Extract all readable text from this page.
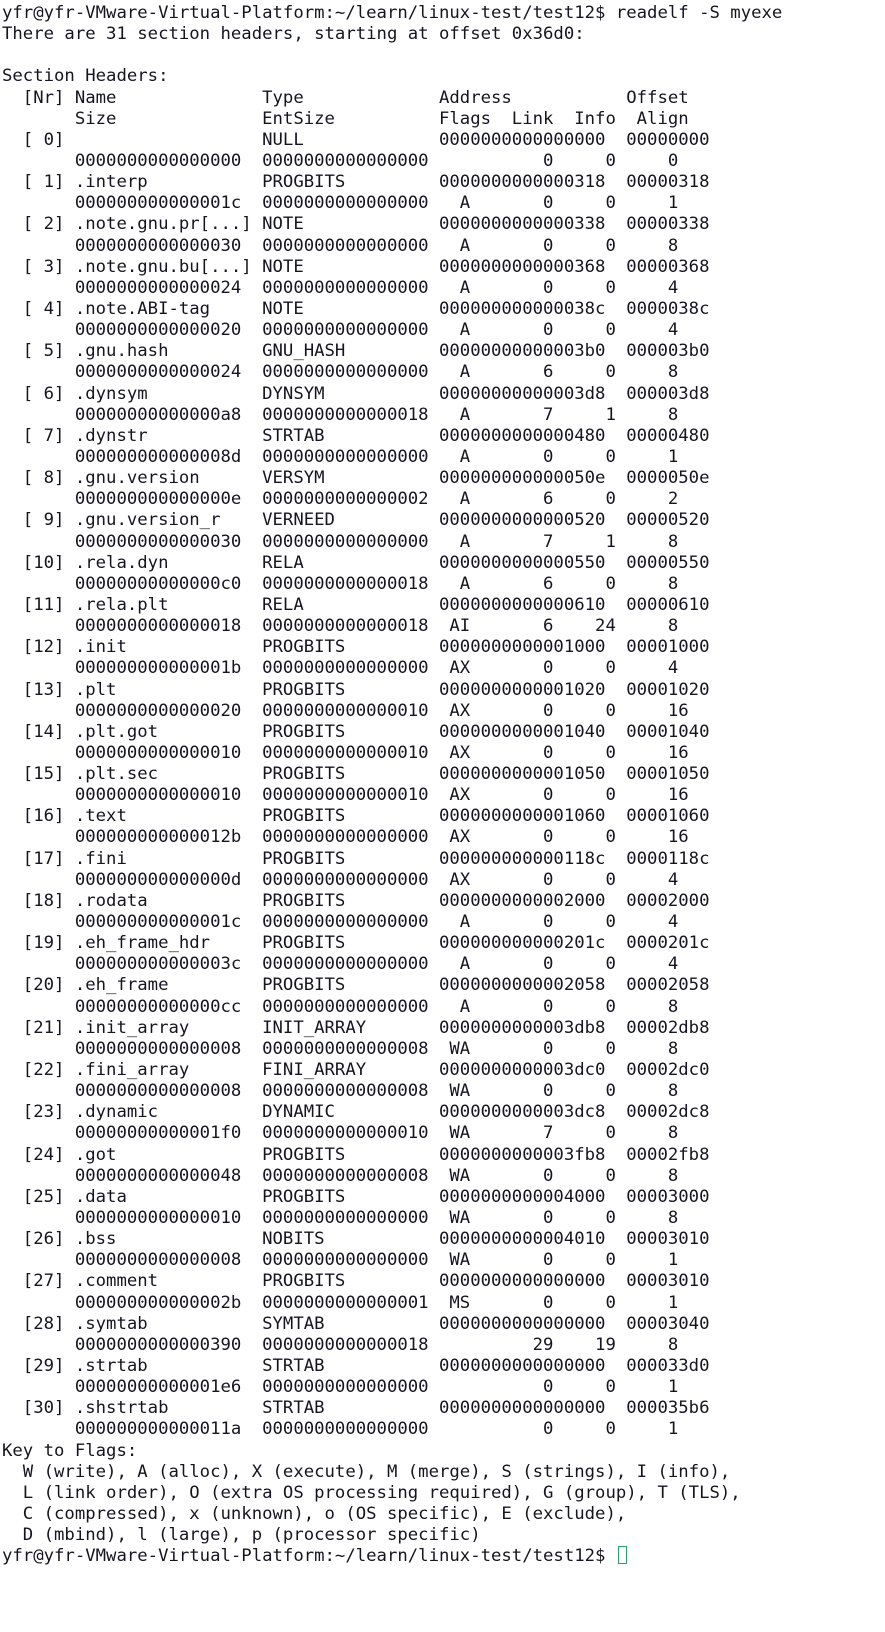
yfr@yfr-VMware-Virtual-Platform:~/learn/linux-test/test12$ readelf -S myexe
There are 31 section headers, starting at offset 0x36d0:
Section Headers:
[Nr] Name              Type             Address           Offset
Size              EntSize          Flags  Link  Info  Align
[ 0]                   NULL             0000000000000000  00000000
0000000000000000  0000000000000000           0     0     0
[ 1] .interp           PROGBITS         0000000000000318  00000318
000000000000001c  0000000000000000   A       0     0     1
[ 2] .note.gnu.pr[...] NOTE             0000000000000338  00000338
0000000000000030  0000000000000000   A       0     0     8
[ 3] .note.gnu.bu[...] NOTE             0000000000000368  00000368
0000000000000024  0000000000000000   A       0     0     4
[ 4] .note.ABI-tag     NOTE             000000000000038c  0000038c
0000000000000020  0000000000000000   A       0     0     4
[ 5] .gnu.hash         GNU_HASH         00000000000003b0  000003b0
0000000000000024  0000000000000000   A       6     0     8
[ 6] .dynsym           DYNSYM           00000000000003d8  000003d8
00000000000000a8  0000000000000018   A       7     1     8
[ 7] .dynstr           STRTAB           0000000000000480  00000480
000000000000008d  0000000000000000   A       0     0     1
[ 8] .gnu.version      VERSYM           000000000000050e  0000050e
000000000000000e  0000000000000002   A       6     0     2
[ 9] .gnu.version_r    VERNEED          0000000000000520  00000520
0000000000000030  0000000000000000   A       7     1     8
[10] .rela.dyn         RELA             0000000000000550  00000550
00000000000000c0  0000000000000018   A       6     0     8
[11] .rela.plt         RELA             0000000000000610  00000610
0000000000000018  0000000000000018  AI       6    24     8
[12] .init             PROGBITS         0000000000001000  00001000
000000000000001b  0000000000000000  AX       0     0     4
[13] .plt              PROGBITS         0000000000001020  00001020
0000000000000020  0000000000000010  AX       0     0     16
[14] .plt.got          PROGBITS         0000000000001040  00001040
0000000000000010  0000000000000010  AX       0     0     16
[15] .plt.sec          PROGBITS         0000000000001050  00001050
0000000000000010  0000000000000010  AX       0     0     16
[16] .text             PROGBITS         0000000000001060  00001060
000000000000012b  0000000000000000  AX       0     0     16
[17] .fini             PROGBITS         000000000000118c  0000118c
000000000000000d  0000000000000000  AX       0     0     4
[18] .rodata           PROGBITS         0000000000002000  00002000
000000000000001c  0000000000000000   A       0     0     4
[19] .eh_frame_hdr     PROGBITS         000000000000201c  0000201c
000000000000003c  0000000000000000   A       0     0     4
[20] .eh_frame         PROGBITS         0000000000002058  00002058
00000000000000cc  0000000000000000   A       0     0     8
[21] .init_array       INIT_ARRAY       0000000000003db8  00002db8
0000000000000008  0000000000000008  WA       0     0     8
[22] .fini_array       FINI_ARRAY       0000000000003dc0  00002dc0
0000000000000008  0000000000000008  WA       0     0     8
[23] .dynamic          DYNAMIC          0000000000003dc8  00002dc8
00000000000001f0  0000000000000010  WA       7     0     8
[24] .got              PROGBITS         0000000000003fb8  00002fb8
0000000000000048  0000000000000008  WA       0     0     8
[25] .data             PROGBITS         0000000000004000  00003000
0000000000000010  0000000000000000  WA       0     0     8
[26] .bss              NOBITS           0000000000004010  00003010
0000000000000008  0000000000000000  WA       0     0     1
[27] .comment          PROGBITS         0000000000000000  00003010
000000000000002b  0000000000000001  MS       0     0     1
[28] .symtab           SYMTAB           0000000000000000  00003040
0000000000000390  0000000000000018          29    19     8
[29] .strtab           STRTAB           0000000000000000  000033d0
00000000000001e6  0000000000000000           0     0     1
[30] .shstrtab         STRTAB           0000000000000000  000035b6
000000000000011a  0000000000000000           0     0     1
Key to Flags:
W (write), A (alloc), X (execute), M (merge), S (strings), I (info),
L (link order), O (extra OS processing required), G (group), T (TLS),
C (compressed), x (unknown), o (OS specific), E (exclude),
D (mbind), l (large), p (processor specific)
yfr@yfr-VMware-Virtual-Platform:~/learn/linux-test/test12$
